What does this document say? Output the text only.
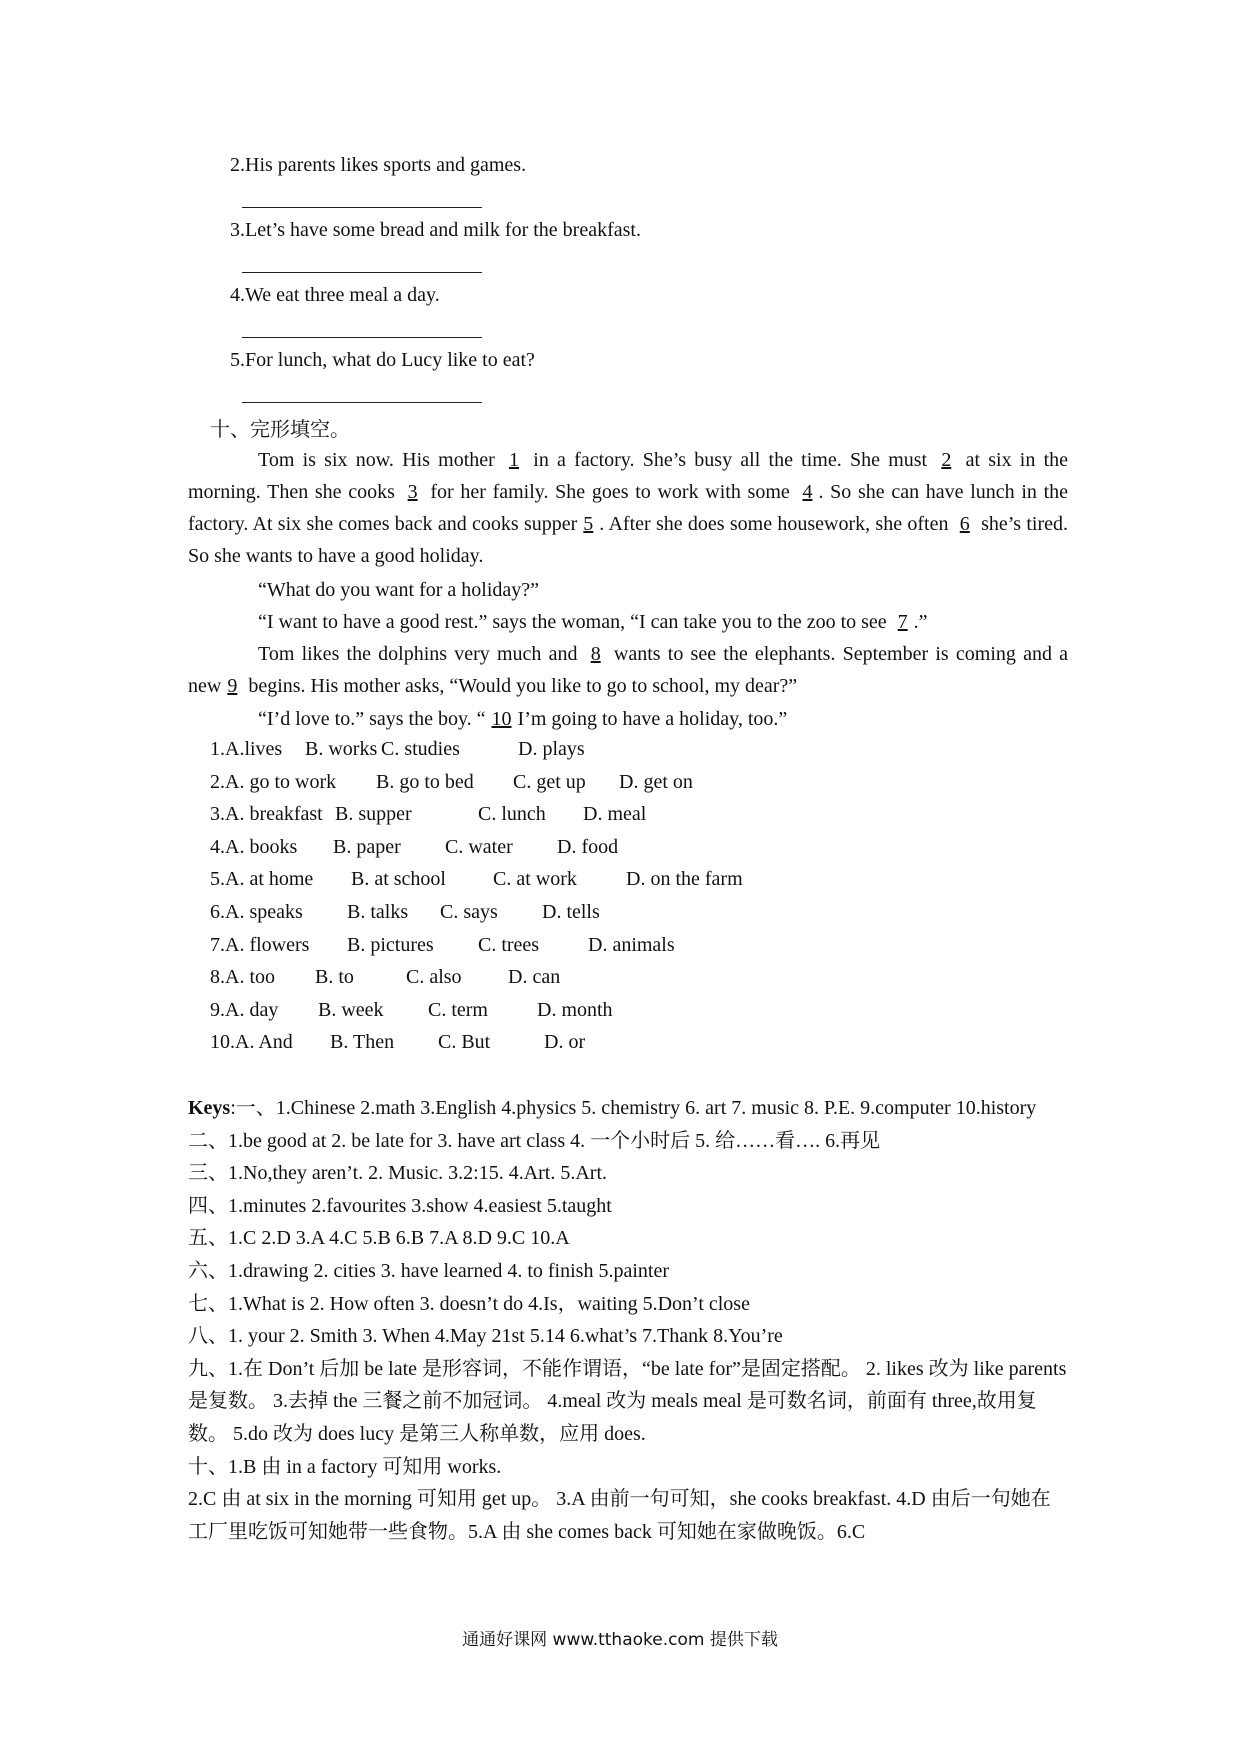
2.His parents likes sports and games.
3.Let’s have some bread and milk for the breakfast.
4.We eat three meal a day.
5.For lunch, what do Lucy like to eat?
十、完形填空。
Tom is six now. His mother 1 in a factory. She’s busy all the time. She must 2 at six in the morning. Then she cooks 3 for her family. She goes to work with some 4 . So she can have lunch in the factory. At six she comes back and cooks supper 5 . After she does some housework, she often 6 she’s tired. So she wants to have a good holiday.
“What do you want for a holiday?”
“I want to have a good rest.” says the woman, “I can take you to the zoo to see 7 .”
Tom likes the dolphins very much and 8 wants to see the elephants. September is coming and a new 9 begins. His mother asks, “Would you like to go to school, my dear?”
“I’d love to.” says the boy. “ 10 I’m going to have a holiday, too.”
1.A.lives B. works C. studies	D. plays
2.A. go to work B. go to bed C. get up D. get on
3.A. breakfast B. supper	C. lunch D. meal
4.A. books B. paper C. water D. food
5.A. at home B. at school C. at work D. on the farm
6.A. speaks B. talks C. says D. tells
7.A. flowers B. pictures C. trees D. animals
8.A. too B. to	C. also D. can
9.A. day B. week C. term D. month
10.A. And B. Then C. But	D. or
Keys:一、1.Chinese 2.math 3.English 4.physics 5. chemistry 6. art 7. music 8. P.E. 9.computer 10.history
二、1.be good at 2. be late for 3. have art class 4. 一个小时后 5. 给……看…. 6.再见
三、1.No,they aren’t. 2. Music. 3.2:15. 4.Art. 5.Art.
四、1.minutes 2.favourites 3.show 4.easiest 5.taught
五、1.C 2.D 3.A 4.C 5.B 6.B 7.A 8.D 9.C 10.A
六、1.drawing 2. cities 3. have learned 4. to finish 5.painter
七、1.What is 2. How often 3. doesn’t do 4.Is，waiting 5.Don’t close
八、1. your 2. Smith 3. When 4.May 21st 5.14 6.what’s 7.Thank 8.You’re
九、1.在 Don’t 后加 be late 是形容词，不能作谓语，“be late for”是固定搭配。 2. likes 改为 like parents 是复数。 3.去掉 the 三餐之前不加冠词。 4.meal 改为 meals meal 是可数名词，前面有 three,故用复数。 5.do 改为 does lucy 是第三人称单数，应用 does.
十、1.B 由 in a factory 可知用 works.
2.C 由 at six in the morning 可知用 get up。 3.A 由前一句可知，she cooks breakfast. 4.D 由后一句她在工厂里吃饭可知她带一些食物。5.A 由 she comes back 可知她在家做晚饭。6.C
通通好课网 www.tthaoke.com 提供下载
